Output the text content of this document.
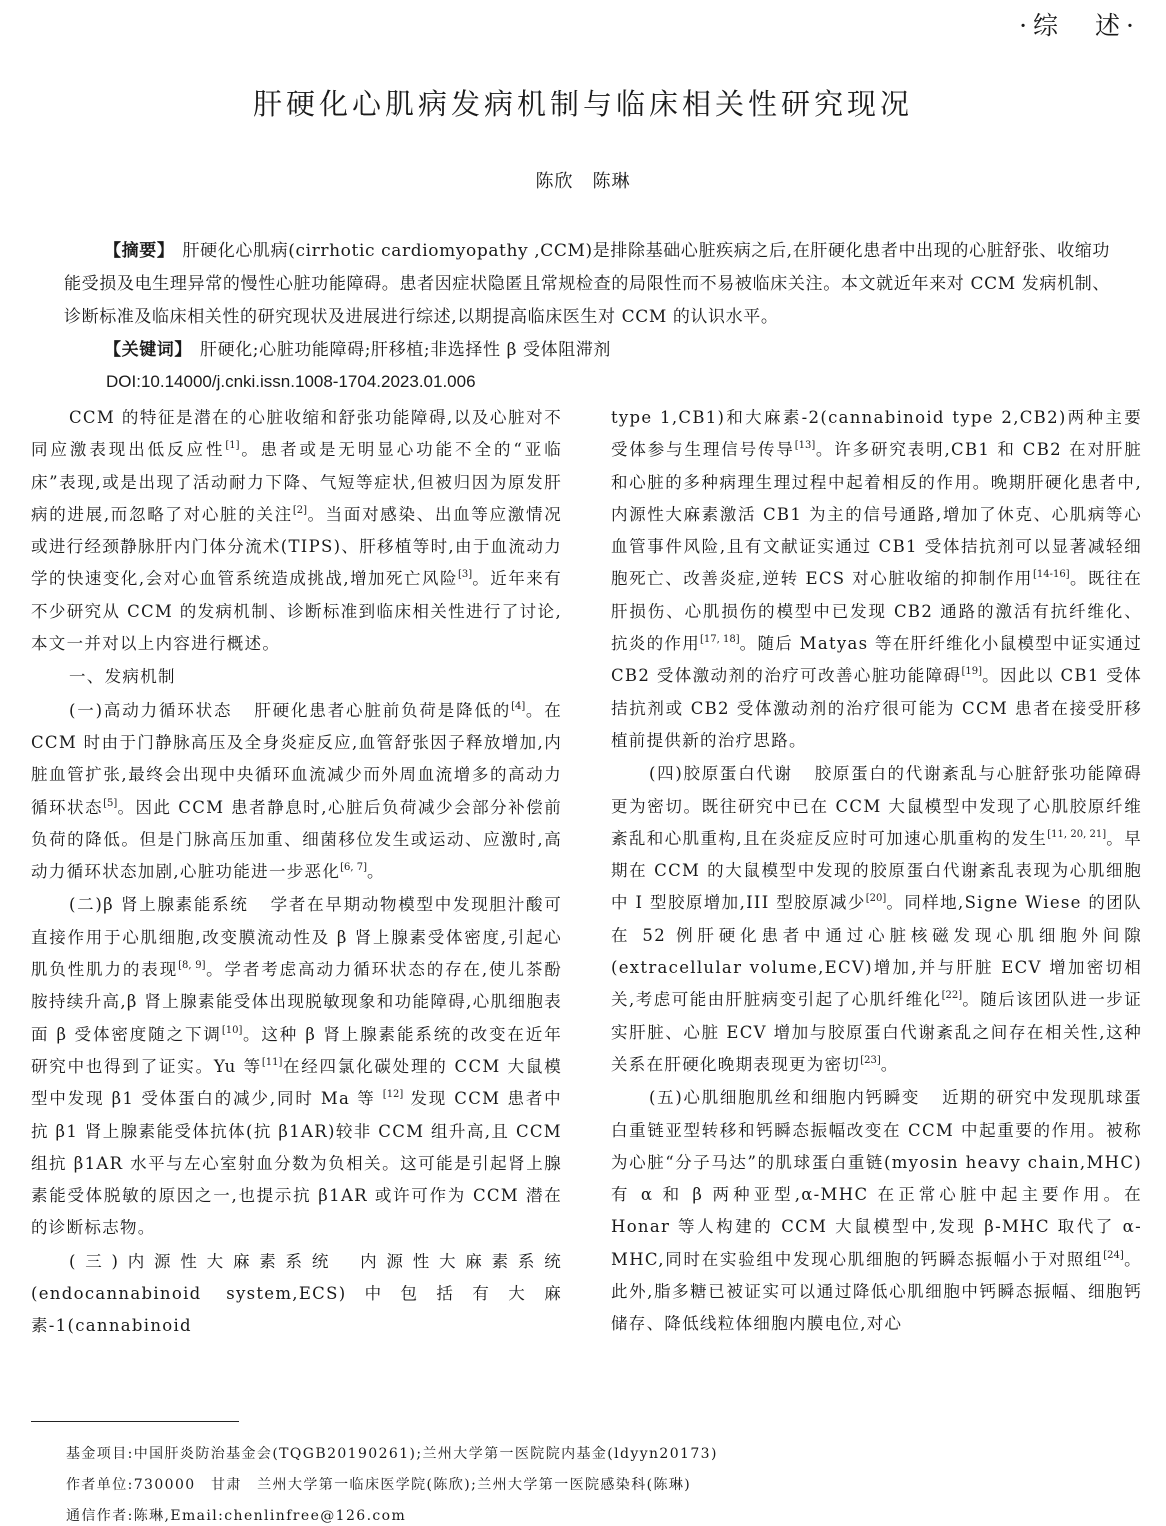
·综　述·
肝硬化心肌病发病机制与临床相关性研究现况
陈欣　陈琳

【摘要】 肝硬化心肌病(cirrhotic cardiomyopathy ,CCM)是排除基础心脏疾病之后,在肝硬化患者中出现的心脏舒张、收缩功能受损及电生理异常的慢性心脏功能障碍。患者因症状隐匿且常规检查的局限性而不易被临床关注。本文就近年来对 CCM 发病机制、诊断标准及临床相关性的研究现状及进展进行综述,以期提高临床医生对 CCM 的认识水平。

【关键词】 肝硬化;心脏功能障碍;肝移植;非选择性 β 受体阻滞剂

DOI:10.14000/j.cnki.issn.1008-1704.2023.01.006

CCM 的特征是潜在的心脏收缩和舒张功能障碍,以及心脏对不同应激表现出低反应性[1]。患者或是无明显心功能不全的“亚临床”表现,或是出现了活动耐力下降、气短等症状,但被归因为原发肝病的进展,而忽略了对心脏的关注[2]。当面对感染、出血等应激情况或进行经颈静脉肝内门体分流术(TIPS)、肝移植等时,由于血流动力学的快速变化,会对心血管系统造成挑战,增加死亡风险[3]。近年来有不少研究从 CCM 的发病机制、诊断标准到临床相关性进行了讨论,本文一并对以上内容进行概述。

一、发病机制

(一)高动力循环状态 肝硬化患者心脏前负荷是降低的[4]。在 CCM 时由于门静脉高压及全身炎症反应,血管舒张因子释放增加,内脏血管扩张,最终会出现中央循环血流减少而外周血流增多的高动力循环状态[5]。因此 CCM 患者静息时,心脏后负荷减少会部分补偿前负荷的降低。但是门脉高压加重、细菌移位发生或运动、应激时,高动力循环状态加剧,心脏功能进一步恶化[6, 7]。

(二)β 肾上腺素能系统 学者在早期动物模型中发现胆汁酸可直接作用于心肌细胞,改变膜流动性及 β 肾上腺素受体密度,引起心肌负性肌力的表现[8, 9]。学者考虑高动力循环状态的存在,使儿茶酚胺持续升高,β 肾上腺素能受体出现脱敏现象和功能障碍,心肌细胞表面 β 受体密度随之下调[10]。这种 β 肾上腺素能系统的改变在近年研究中也得到了证实。Yu 等[11]在经四氯化碳处理的 CCM 大鼠模型中发现 β1 受体蛋白的减少,同时 Ma 等 [12] 发现 CCM 患者中抗 β1 肾上腺素能受体抗体(抗 β1AR)较非 CCM 组升高,且 CCM 组抗 β1AR 水平与左心室射血分数为负相关。这可能是引起肾上腺素能受体脱敏的原因之一,也提示抗 β1AR 或许可作为 CCM 潜在的诊断标志物。

(三)内源性大麻素系统 内源性大麻素系统(endocannabinoid system,ECS)中包括有大麻素-1(cannabinoid

type 1,CB1)和大麻素-2(cannabinoid type 2,CB2)两种主要受体参与生理信号传导[13]。许多研究表明,CB1 和 CB2 在对肝脏和心脏的多种病理生理过程中起着相反的作用。晚期肝硬化患者中,内源性大麻素激活 CB1 为主的信号通路,增加了休克、心肌病等心血管事件风险,且有文献证实通过 CB1 受体拮抗剂可以显著减轻细胞死亡、改善炎症,逆转 ECS 对心脏收缩的抑制作用[14-16]。既往在肝损伤、心肌损伤的模型中已发现 CB2 通路的激活有抗纤维化、抗炎的作用[17, 18]。随后 Matyas 等在肝纤维化小鼠模型中证实通过 CB2 受体激动剂的治疗可改善心脏功能障碍[19]。因此以 CB1 受体拮抗剂或 CB2 受体激动剂的治疗很可能为 CCM 患者在接受肝移植前提供新的治疗思路。

(四)胶原蛋白代谢 胶原蛋白的代谢紊乱与心脏舒张功能障碍更为密切。既往研究中已在 CCM 大鼠模型中发现了心肌胶原纤维紊乱和心肌重构,且在炎症反应时可加速心肌重构的发生[11, 20, 21]。早期在 CCM 的大鼠模型中发现的胶原蛋白代谢紊乱表现为心肌细胞中 I 型胶原增加,III 型胶原减少[20]。同样地,Signe Wiese 的团队在 52 例肝硬化患者中通过心脏核磁发现心肌细胞外间隙(extracellular volume,ECV)增加,并与肝脏 ECV 增加密切相关,考虑可能由肝脏病变引起了心肌纤维化[22]。随后该团队进一步证实肝脏、心脏 ECV 增加与胶原蛋白代谢紊乱之间存在相关性,这种关系在肝硬化晚期表现更为密切[23]。

(五)心肌细胞肌丝和细胞内钙瞬变 近期的研究中发现肌球蛋白重链亚型转移和钙瞬态振幅改变在 CCM 中起重要的作用。被称为心脏“分子马达”的肌球蛋白重链(myosin heavy chain,MHC)有 α 和 β 两种亚型,α-MHC 在正常心脏中起主要作用。在 Honar 等人构建的 CCM 大鼠模型中,发现 β-MHC 取代了 α-MHC,同时在实验组中发现心肌细胞的钙瞬态振幅小于对照组[24]。此外,脂多糖已被证实可以通过降低心肌细胞中钙瞬态振幅、细胞钙储存、降低线粒体细胞内膜电位,对心

基金项目:中国肝炎防治基金会(TQGB20190261);兰州大学第一医院院内基金(ldyyn20173)
作者单位:730000　甘肃　兰州大学第一临床医学院(陈欣);兰州大学第一医院感染科(陈琳)
通信作者:陈琳,Email:chenlinfree@126.com
